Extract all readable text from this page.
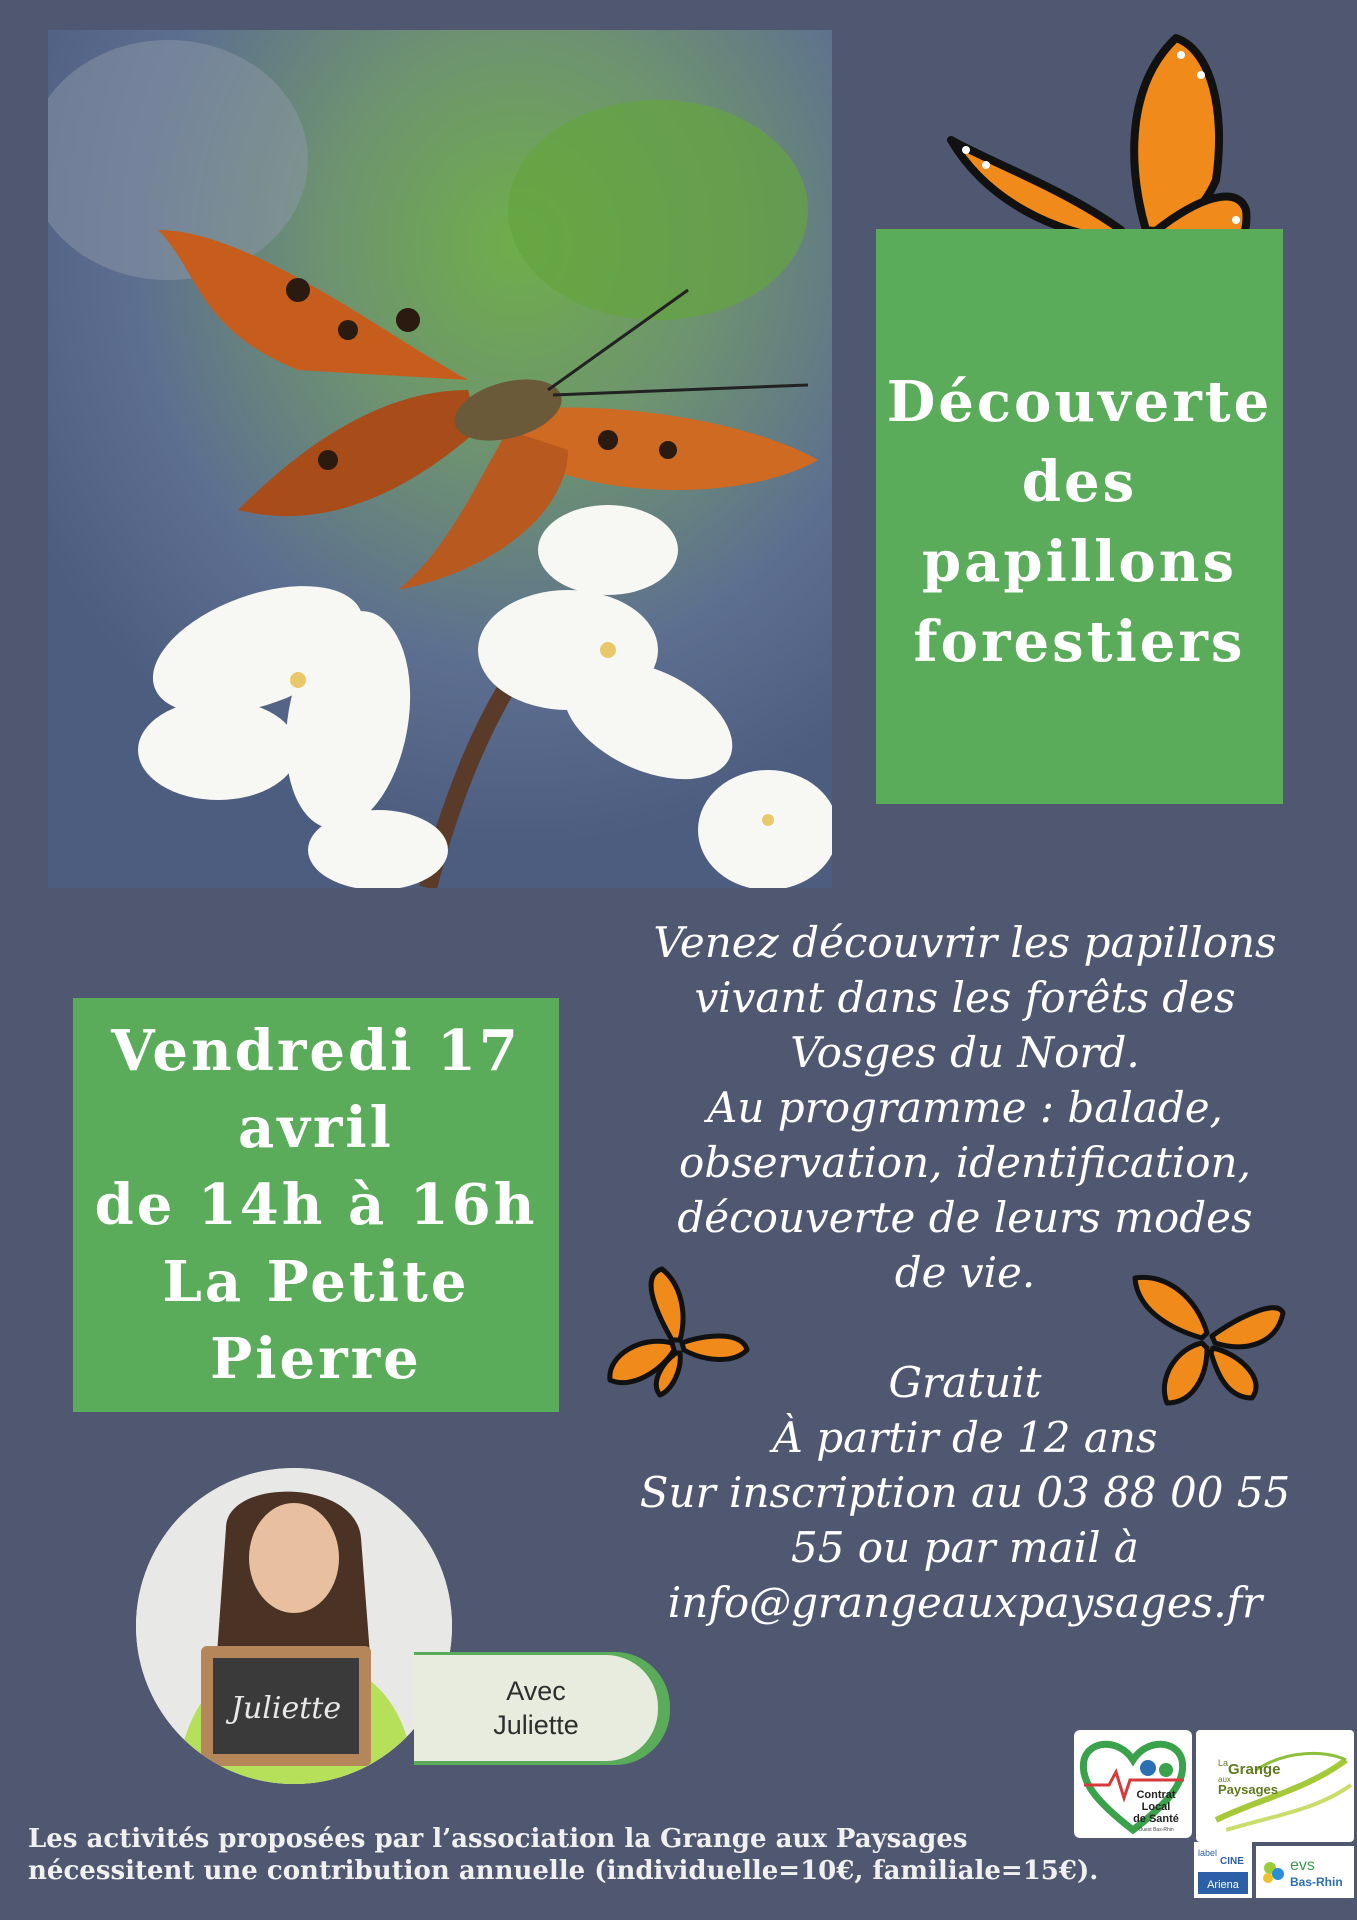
Découverte
des
papillons
forestiers
Vendredi 17
avril
de 14h à 16h
La Petite
Pierre
Venez découvrir les papillons
vivant dans les forêts des
Vosges du Nord.
Au programme : balade,
observation, identification,
découverte de leurs modes
de vie.
Gratuit
À partir de 12 ans
Sur inscription au 03 88 00 55
55 ou par mail à
info@grangeauxpaysages.fr
Juliette	Avec
Juliette
Les activités proposées par l’association la Grange aux Paysages
nécessitent une contribution annuelle (individuelle=10€, familiale=15€).
Contrat
Local
de Santé
Ouest Bas-Rhin
La Grange
aux
Paysages
label
CINE
Ariena
evs
Bas-Rhin
